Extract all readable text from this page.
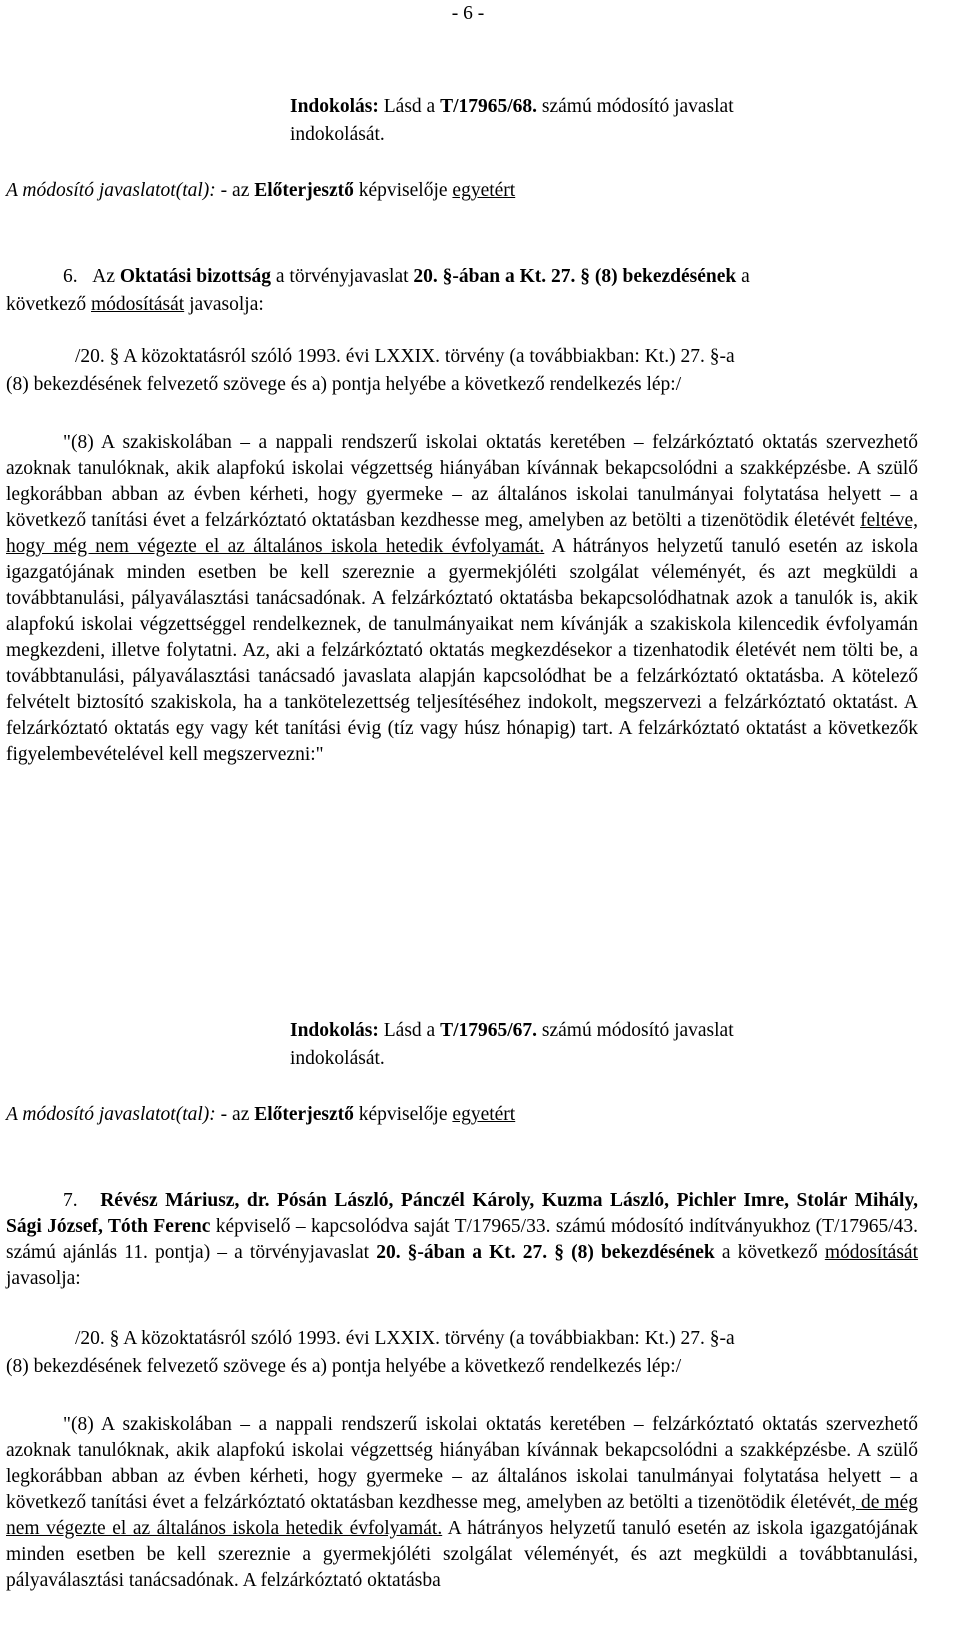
- 6 -
Indokolás: Lásd a T/17965/68. számú módosító javaslat
indokolását.
A módosító javaslatot(tal): - az Előterjesztő képviselője egyetért
6. Az Oktatási bizottság a törvényjavaslat 20. §-ában a Kt. 27. § (8) bekezdésének a
következő módosítását javasolja:
/20. § A közoktatásról szóló 1993. évi LXXIX. törvény (a továbbiakban: Kt.) 27. §-a
(8) bekezdésének felvezető szövege és a) pontja helyébe a következő rendelkezés lép:/
"(8) A szakiskolában – a nappali rendszerű iskolai oktatás keretében – felzárkóztató oktatás szervezhető azoknak tanulóknak, akik alapfokú iskolai végzettség hiányában kívánnak bekapcsolódni a szakképzésbe. A szülő legkorábban abban az évben kérheti, hogy gyermeke – az általános iskolai tanulmányai folytatása helyett – a következő tanítási évet a felzárkóztató oktatásban kezdhesse meg, amelyben az betölti a tizenötödik életévét feltéve, hogy még nem végezte el az általános iskola hetedik évfolyamát. A hátrányos helyzetű tanuló esetén az iskola igazgatójának minden esetben be kell szereznie a gyermekjóléti szolgálat véleményét, és azt megküldi a továbbtanulási, pályaválasztási tanácsadónak. A felzárkóztató oktatásba bekapcsolódhatnak azok a tanulók is, akik alapfokú iskolai végzettséggel rendelkeznek, de tanulmányaikat nem kívánják a szakiskola kilencedik évfolyamán megkezdeni, illetve folytatni. Az, aki a felzárkóztató oktatás megkezdésekor a tizenhatodik életévét nem tölti be, a továbbtanulási, pályaválasztási tanácsadó javaslata alapján kapcsolódhat be a felzárkóztató oktatásba. A kötelező felvételt biztosító szakiskola, ha a tankötelezettség teljesítéséhez indokolt, megszervezi a felzárkóztató oktatást. A felzárkóztató oktatás egy vagy két tanítási évig (tíz vagy húsz hónapig) tart. A felzárkóztató oktatást a következők figyelembevételével kell megszervezni:"
Indokolás: Lásd a T/17965/67. számú módosító javaslat
indokolását.
A módosító javaslatot(tal): - az Előterjesztő képviselője egyetért
7. Révész Máriusz, dr. Pósán László, Pánczél Károly, Kuzma László, Pichler Imre, Stolár Mihály, Sági József, Tóth Ferenc képviselő – kapcsolódva saját T/17965/33. számú módosító indítványukhoz (T/17965/43. számú ajánlás 11. pontja) – a törvényjavaslat 20. §-ában a Kt. 27. § (8) bekezdésének a következő módosítását javasolja:
/20. § A közoktatásról szóló 1993. évi LXXIX. törvény (a továbbiakban: Kt.) 27. §-a
(8) bekezdésének felvezető szövege és a) pontja helyébe a következő rendelkezés lép:/
"(8) A szakiskolában – a nappali rendszerű iskolai oktatás keretében – felzárkóztató oktatás szervezhető azoknak tanulóknak, akik alapfokú iskolai végzettség hiányában kívánnak bekapcsolódni a szakképzésbe. A szülő legkorábban abban az évben kérheti, hogy gyermeke – az általános iskolai tanulmányai folytatása helyett – a következő tanítási évet a felzárkóztató oktatásban kezdhesse meg, amelyben az betölti a tizenötödik életévét, de még nem végezte el az általános iskola hetedik évfolyamát. A hátrányos helyzetű tanuló esetén az iskola igazgatójának minden esetben be kell szereznie a gyermekjóléti szolgálat véleményét, és azt megküldi a továbbtanulási, pályaválasztási tanácsadónak. A felzárkóztató oktatásba
